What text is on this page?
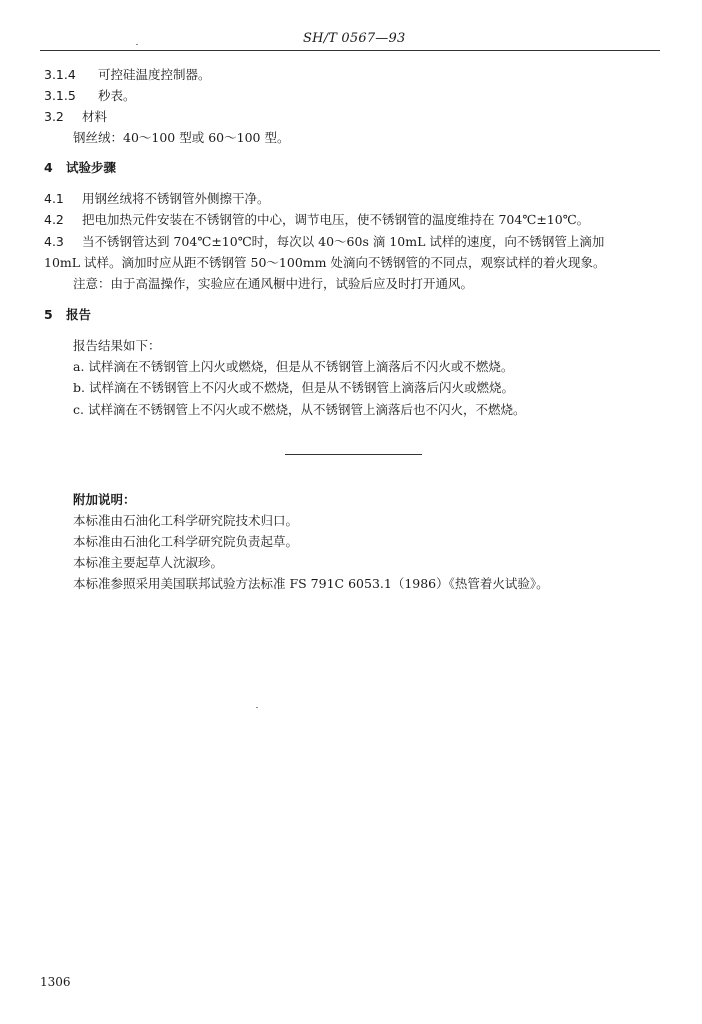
SH/T 0567—93
3.1.4 可控硅温度控制器。
3.1.5 秒表。
3.2 材料
钢丝绒：40～100 型或 60～100 型。
4 试验步骤
4.1 用钢丝绒将不锈钢管外侧擦干净。
4.2 把电加热元件安装在不锈钢管的中心，调节电压，使不锈钢管的温度维持在 704℃±10℃。
4.3 当不锈钢管达到 704℃±10℃时，每次以 40～60s 滴 10mL 试样的速度，向不锈钢管上滴加
10mL 试样。滴加时应从距不锈钢管 50～100mm 处滴向不锈钢管的不同点，观察试样的着火现象。
注意：由于高温操作，实验应在通风橱中进行，试验后应及时打开通风。
5 报告
报告结果如下：
a. 试样滴在不锈钢管上闪火或燃烧，但是从不锈钢管上滴落后不闪火或不燃烧。
b. 试样滴在不锈钢管上不闪火或不燃烧，但是从不锈钢管上滴落后闪火或燃烧。
c. 试样滴在不锈钢管上不闪火或不燃烧，从不锈钢管上滴落后也不闪火，不燃烧。
附加说明：
本标准由石油化工科学研究院技术归口。
本标准由石油化工科学研究院负责起草。
本标准主要起草人沈淑珍。
本标准参照采用美国联邦试验方法标准 FS 791C 6053.1（1986）《热管着火试验》。
1306
